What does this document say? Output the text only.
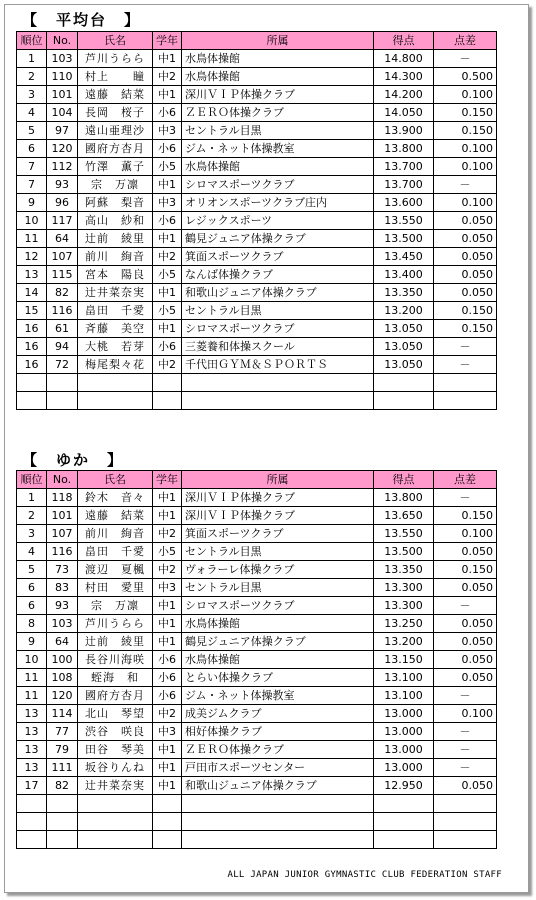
【　平均台　】
順位	No.	氏名	学年	所属	得点	点差
1	103	芦川うらら	中1	水鳥体操館	14.800	－
2	110	村上　　瞳	中2	水鳥体操館	14.300	0.500
3	101	遠藤　結菜	中1	深川ＶＩＰ体操クラブ	14.200	0.100
4	104	長岡　桜子	小6	ＺＥＲＯ体操クラブ	14.050	0.150
5	97	遠山亜理沙	中3	セントラル目黒	13.900	0.150
6	120	國府方杏月	小6	ジム・ネット体操教室	13.800	0.100
7	112	竹澤　薫子	小5	水鳥体操館	13.700	0.100
7	93	宗　万凛	中1	シロマスポーツクラブ	13.700	－
9	96	阿蘇　梨音	中3	オリオンスポーツクラブ庄内	13.600	0.100
10	117	高山　紗和	小6	レジックスポーツ	13.550	0.050
11	64	辻前　綾里	中1	鶴見ジュニア体操クラブ	13.500	0.050
12	107	前川　絢音	中2	箕面スポーツクラブ	13.450	0.050
13	115	宮本　陽良	小5	なんば体操クラブ	13.400	0.050
14	82	辻井菜奈実	中1	和歌山ジュニア体操クラブ	13.350	0.050
15	116	畠田　千愛	小5	セントラル目黒	13.200	0.150
16	61	斉藤　美空	中1	シロマスポーツクラブ	13.050	0.150
16	94	大桃　若芽	小6	三菱養和体操スクール	13.050	－
16	72	梅尾梨々花	中2	千代田ＧＹＭ＆ＳＰＯＲＴＳ	13.050	－

【　ゆか　】
順位	No.	氏名	学年	所属	得点	点差
1	118	鈴木　音々	中1	深川ＶＩＰ体操クラブ	13.800	－
2	101	遠藤　結菜	中1	深川ＶＩＰ体操クラブ	13.650	0.150
3	107	前川　絢音	中2	箕面スポーツクラブ	13.550	0.100
4	116	畠田　千愛	小5	セントラル目黒	13.500	0.050
5	73	渡辺　夏楓	中2	ヴォラーレ体操クラブ	13.350	0.150
6	83	村田　愛里	中3	セントラル目黒	13.300	0.050
6	93	宗　万凛	中1	シロマスポーツクラブ	13.300	－
8	103	芦川うらら	中1	水鳥体操館	13.250	0.050
9	64	辻前　綾里	中1	鶴見ジュニア体操クラブ	13.200	0.050
10	100	長谷川海咲	小6	水鳥体操館	13.150	0.050
11	108	蛭海　和	小6	とらい体操クラブ	13.100	0.050
11	120	國府方杏月	小6	ジム・ネット体操教室	13.100	－
13	114	北山　琴望	中2	成美ジムクラブ	13.000	0.100
13	77	渋谷　咲良	中3	相好体操クラブ	13.000	－
13	79	田谷　琴美	中1	ＺＥＲＯ体操クラブ	13.000	－
13	111	坂谷りんね	中1	戸田市スポーツセンター	13.000	－
17	82	辻井菜奈実	中1	和歌山ジュニア体操クラブ	12.950	0.050

ALL JAPAN JUNIOR GYMNASTIC CLUB FEDERATION STAFF
